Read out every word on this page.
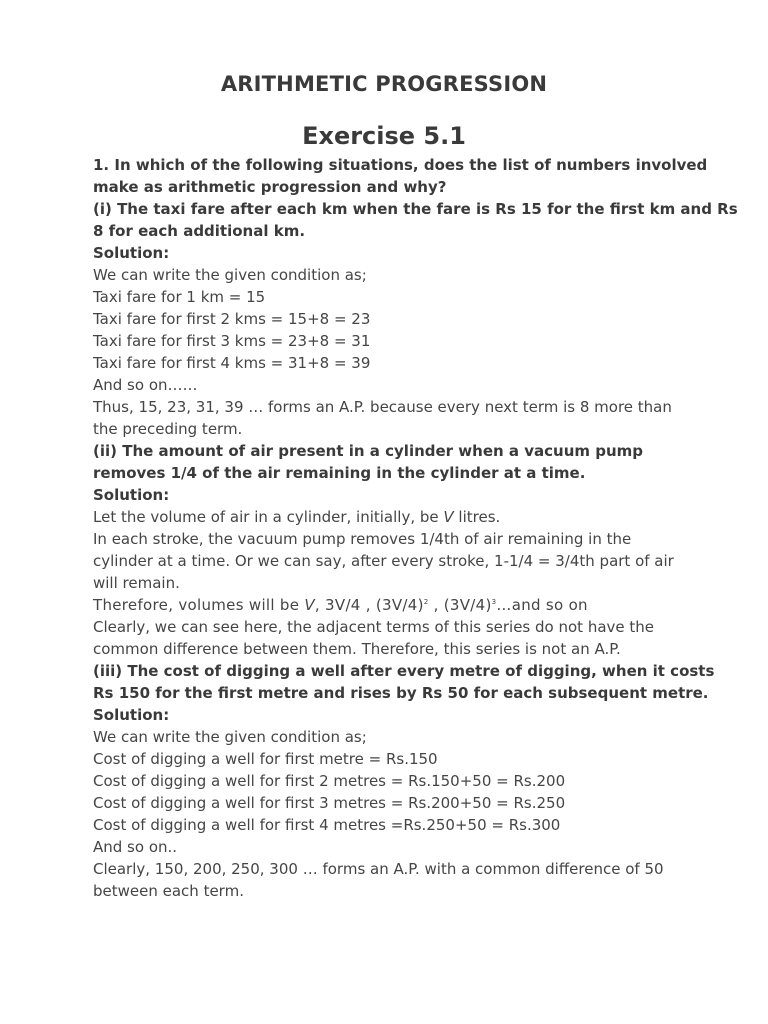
ARITHMETIC PROGRESSION
Exercise 5.1
1. In which of the following situations, does the list of numbers involved
make as arithmetic progression and why?
(i) The taxi fare after each km when the fare is Rs 15 for the first km and Rs
8 for each additional km.
Solution:
We can write the given condition as;
Taxi fare for 1 km = 15
Taxi fare for first 2 kms = 15+8 = 23
Taxi fare for first 3 kms = 23+8 = 31
Taxi fare for first 4 kms = 31+8 = 39
And so on……
Thus, 15, 23, 31, 39 … forms an A.P. because every next term is 8 more than
the preceding term.
(ii) The amount of air present in a cylinder when a vacuum pump
removes 1/4 of the air remaining in the cylinder at a time.
Solution:
Let the volume of air in a cylinder, initially, be V litres.
In each stroke, the vacuum pump removes 1/4th of air remaining in the
cylinder at a time. Or we can say, after every stroke, 1-1/4 = 3/4th part of air
will remain.
Therefore, volumes will be V, 3V/4 , $(3V/4)^2$ , $(3V/4)^3\dots and$ so on
Clearly, we can see here, the adjacent terms of this series do not have the
common difference between them. Therefore, this series is not an A.P.
(iii) The cost of digging a well after every metre of digging, when it costs
Rs 150 for the first metre and rises by Rs 50 for each subsequent metre.
Solution:
We can write the given condition as;
Cost of digging a well for first metre = Rs.150
Cost of digging a well for first 2 metres = Rs.150+50 = Rs.200
Cost of digging a well for first 3 metres = Rs.200+50 = Rs.250
Cost of digging a well for first 4 metres =Rs.250+50 = Rs.300
And so on..
Clearly, 150, 200, 250, 300 … forms an A.P. with a common difference of 50
between each term.
